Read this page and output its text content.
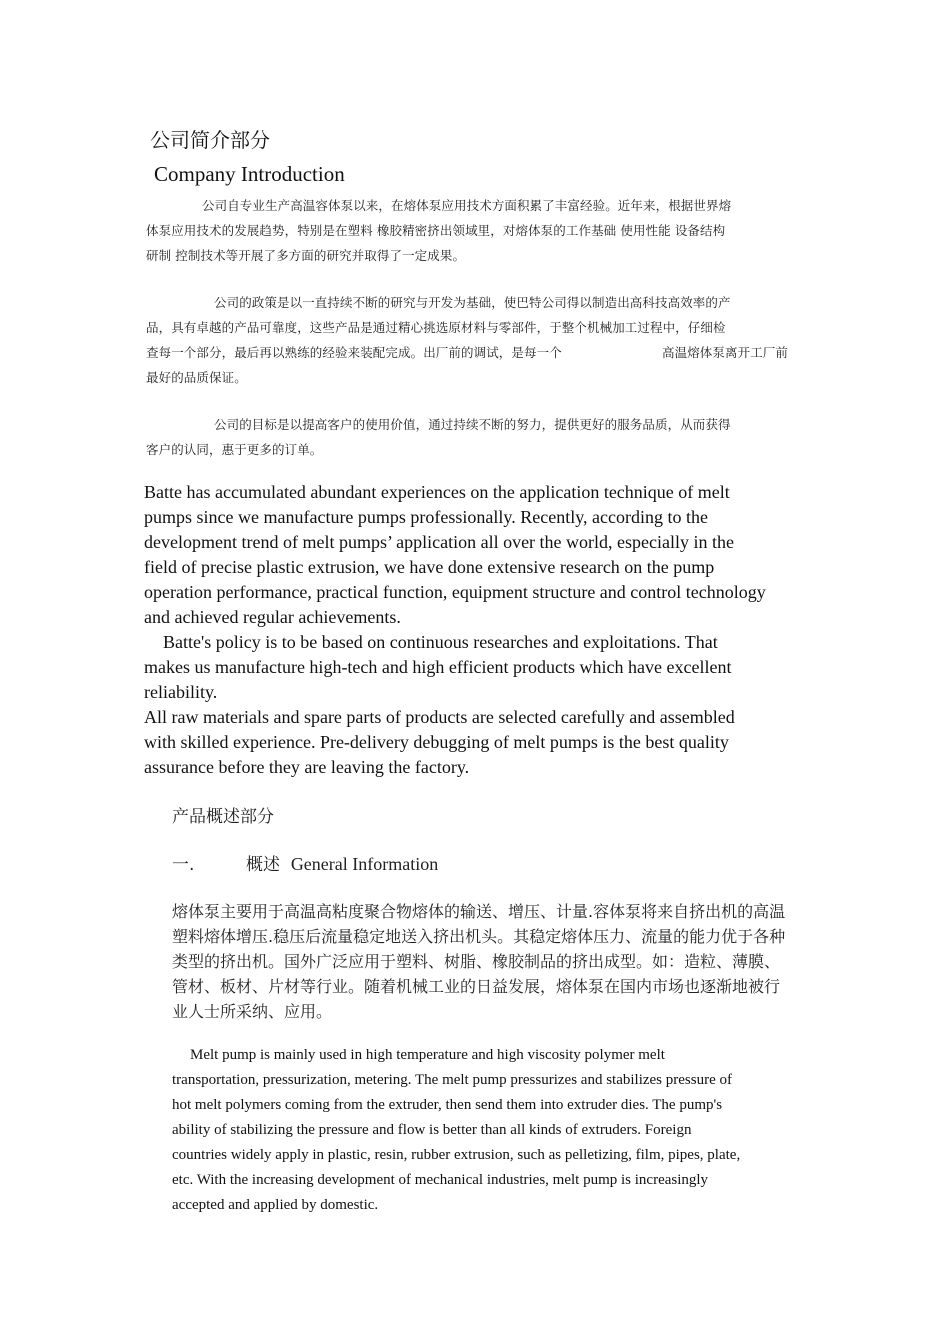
公司简介部分

Company Introduction

公司自专业生产高温容体泵以来，在熔体泵应用技术方面积累了丰富经验。近年来，根据世界熔

体泵应用技术的发展趋势，特别是在塑料 橡胶精密挤出领域里，对熔体泵的工作基础 使用性能 设备结构

研制 控制技术等开展了多方面的研究并取得了一定成果。

公司的政策是以一直持续不断的研究与开发为基础，使巴特公司得以制造出高科技高效率的产

品，具有卓越的产品可靠度，这些产品是通过精心挑选原材料与零部件，于整个机械加工过程中，仔细检

查每一个部分，最后再以熟练的经验来装配完成。出厂前的调试，是每一个	高温熔体泵离开工厂前

最好的品质保证。

公司的目标是以提高客户的使用价值，通过持续不断的努力，提供更好的服务品质，从而获得

客户的认同，惠于更多的订单。

Batte has accumulated abundant experiences on the application technique of melt

pumps since we manufacture pumps professionally. Recently, according to the

development trend of melt pumps’ application all over the world, especially in the

field of precise plastic extrusion, we have done extensive research on the pump

operation performance, practical function, equipment structure and control technology

and achieved regular achievements.

Batte's policy is to be based on continuous researches and exploitations. That

makes us manufacture high-tech and high efficient products which have excellent

reliability.

All raw materials and spare parts of products are selected carefully and assembled

with skilled experience. Pre-delivery debugging of melt pumps is the best quality

assurance before they are leaving the factory.

产品概述部分

一.	概述 General Information

熔体泵主要用于高温高粘度聚合物熔体的输送、增压、计量.容体泵将来自挤出机的高温

塑料熔体增压.稳压后流量稳定地送入挤出机头。其稳定熔体压力、流量的能力优于各种

类型的挤出机。国外广泛应用于塑料、树脂、橡胶制品的挤出成型。如：造粒、薄膜、

管材、板材、片材等行业。随着机械工业的日益发展，熔体泵在国内市场也逐渐地被行

业人士所采纳、应用。

Melt pump is mainly used in high temperature and high viscosity polymer melt

transportation, pressurization, metering. The melt pump pressurizes and stabilizes pressure of

hot melt polymers coming from the extruder, then send them into extruder dies. The pump's

ability of stabilizing the pressure and flow is better than all kinds of extruders. Foreign

countries widely apply in plastic, resin, rubber extrusion, such as pelletizing, film, pipes, plate,

etc. With the increasing development of mechanical industries, melt pump is increasingly

accepted and applied by domestic.
